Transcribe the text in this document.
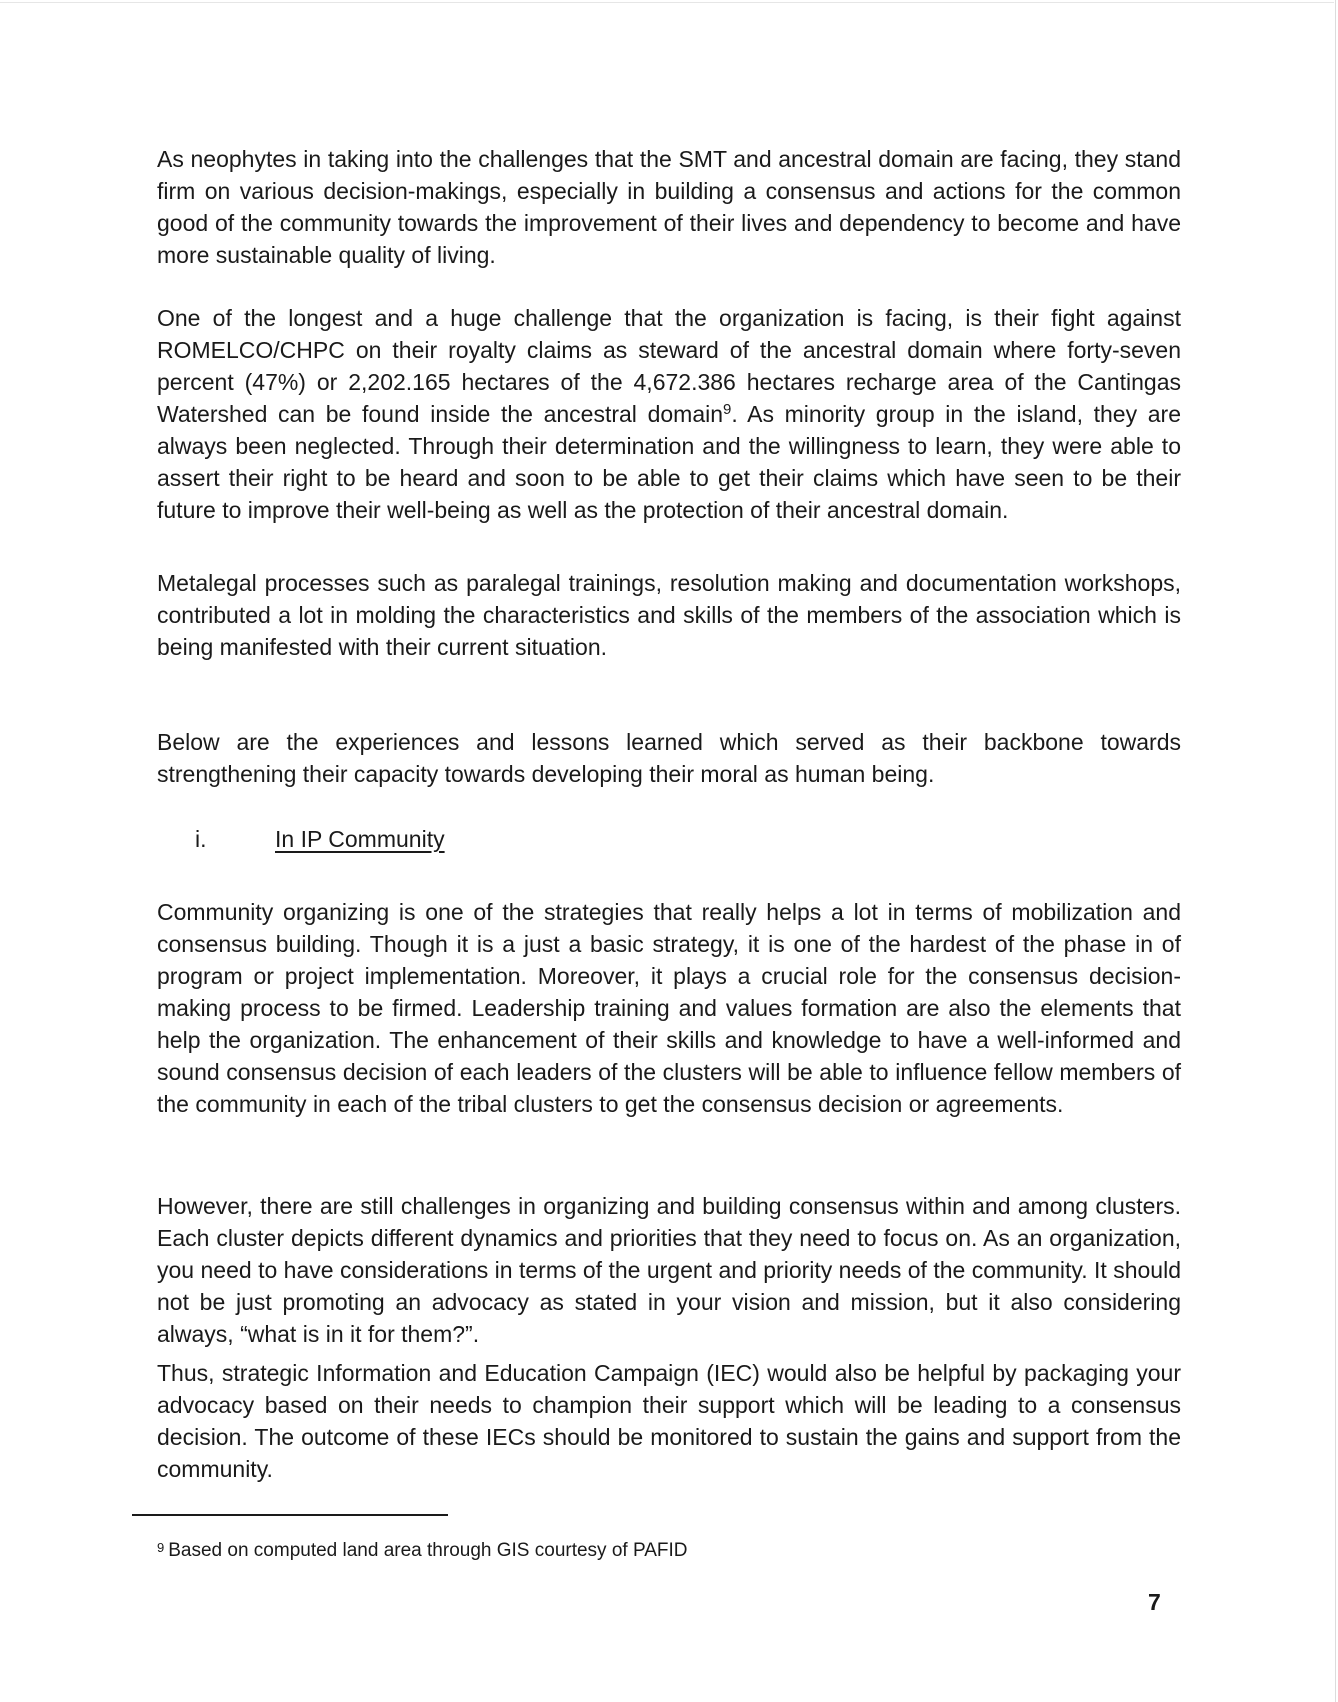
As neophytes in taking into the challenges that the SMT and ancestral domain are facing, they stand firm on various decision-makings, especially in building a consensus and actions for the common good of the community towards the improvement of their lives and dependency to become and have more sustainable quality of living.

One of the longest and a huge challenge that the organization is facing, is their fight against ROMELCO/CHPC on their royalty claims as steward of the ancestral domain where forty-seven percent (47%) or 2,202.165 hectares of the 4,672.386 hectares recharge area of the Cantingas Watershed can be found inside the ancestral domain$^9$. As minority group in the island, they are always been neglected. Through their determination and the willingness to learn, they were able to assert their right to be heard and soon to be able to get their claims which have seen to be their future to improve their well-being as well as the protection of their ancestral domain.

Metalegal processes such as paralegal trainings, resolution making and documentation workshops, contributed a lot in molding the characteristics and skills of the members of the association which is being manifested with their current situation.

Below are the experiences and lessons learned which served as their backbone towards strengthening their capacity towards developing their moral as human being.

i.	In IP Community

Community organizing is one of the strategies that really helps a lot in terms of mobilization and consensus building. Though it is a just a basic strategy, it is one of the hardest of the phase in of program or project implementation. Moreover, it plays a crucial role for the consensus decision-making process to be firmed. Leadership training and values formation are also the elements that help the organization. The enhancement of their skills and knowledge to have a well-informed and sound consensus decision of each leaders of the clusters will be able to influence fellow members of the community in each of the tribal clusters to get the consensus decision or agreements.

However, there are still challenges in organizing and building consensus within and among clusters. Each cluster depicts different dynamics and priorities that they need to focus on. As an organization, you need to have considerations in terms of the urgent and priority needs of the community. It should not be just promoting an advocacy as stated in your vision and mission, but it also considering always, “what is in it for them?”.

Thus, strategic Information and Education Campaign (IEC) would also be helpful by packaging your advocacy based on their needs to champion their support which will be leading to a consensus decision. The outcome of these IECs should be monitored to sustain the gains and support from the community.

$^9$ Based on computed land area through GIS courtesy of PAFID
7
